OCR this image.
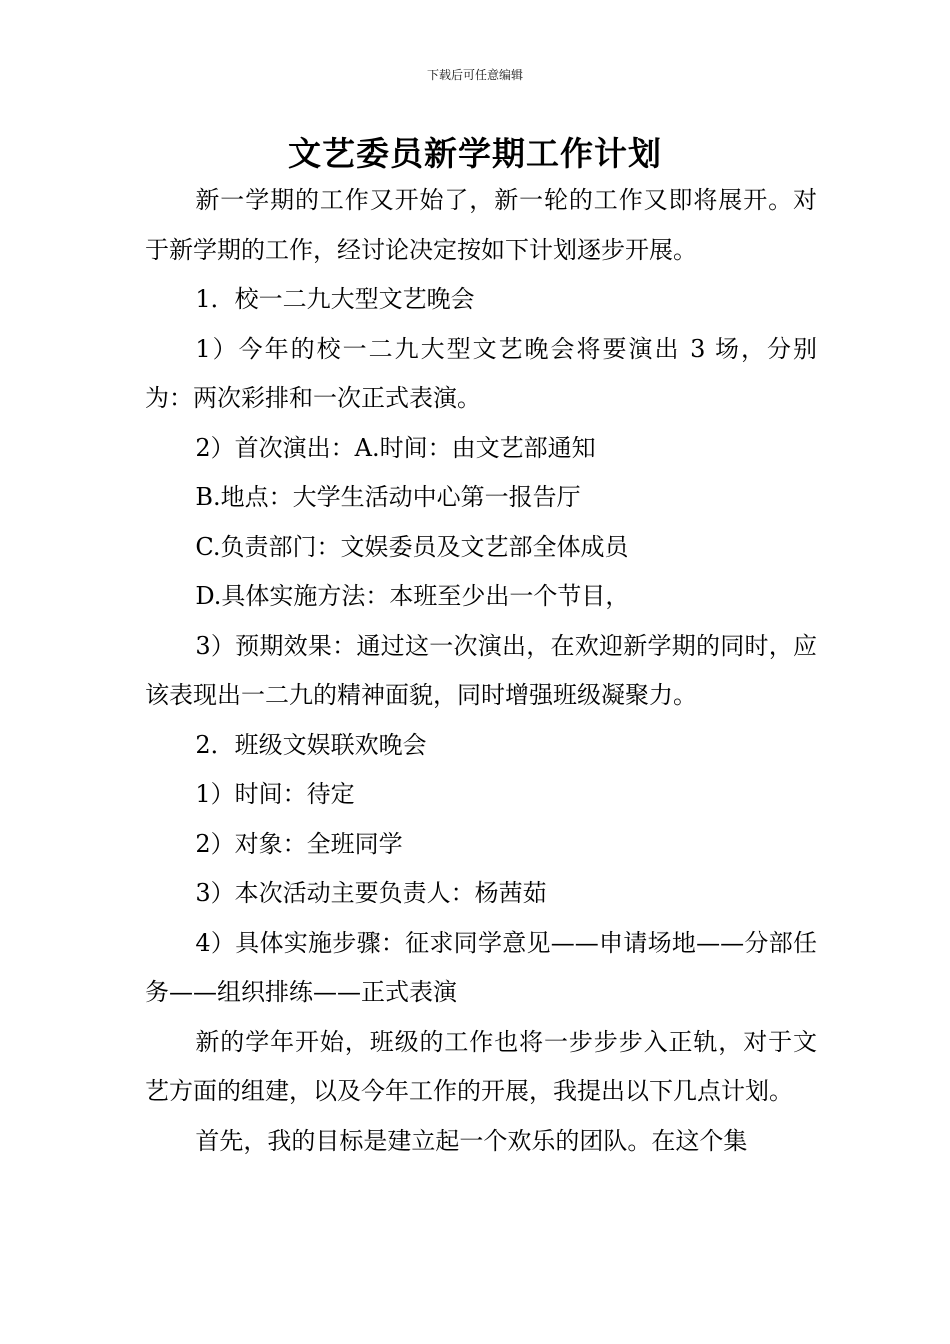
下载后可任意编辑
文艺委员新学期工作计划

新一学期的工作又开始了，新一轮的工作又即将展开。对于新学期的工作，经讨论决定按如下计划逐步开展。

1．校一二九大型文艺晚会

1）今年的校一二九大型文艺晚会将要演出 3 场，分别为：两次彩排和一次正式表演。

2）首次演出：A.时间：由文艺部通知

B.地点：大学生活动中心第一报告厅

C.负责部门：文娱委员及文艺部全体成员

D.具体实施方法：本班至少出一个节目，

3）预期效果：通过这一次演出，在欢迎新学期的同时，应该表现出一二九的精神面貌，同时增强班级凝聚力。

2．班级文娱联欢晚会

1）时间：待定

2）对象：全班同学

3）本次活动主要负责人：杨茜茹

4）具体实施步骤：征求同学意见——申请场地——分部任务——组织排练——正式表演

新的学年开始，班级的工作也将一步步步入正轨，对于文艺方面的组建，以及今年工作的开展，我提出以下几点计划。

首先，我的目标是建立起一个欢乐的团队。在这个集
